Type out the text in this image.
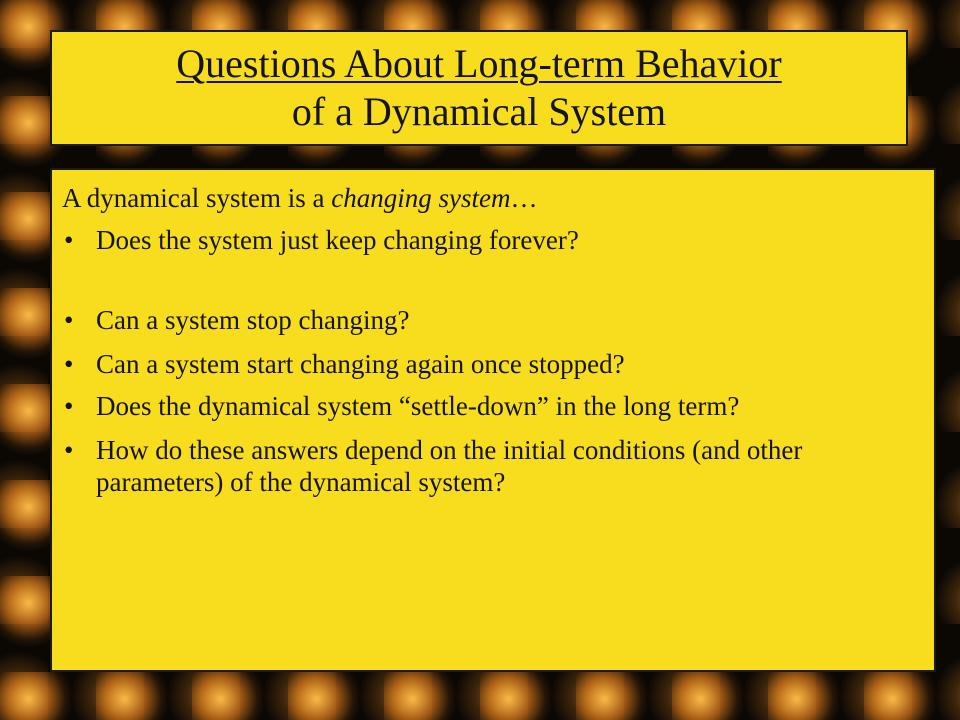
Questions About Long-term Behavior
of a Dynamical System

A dynamical system is a changing system…

• Does the system just keep changing forever?
• Can a system stop changing?
• Can a system start changing again once stopped?
• Does the dynamical system “settle-down” in the long term?
• How do these answers depend on the initial conditions (and other parameters) of the dynamical system?
